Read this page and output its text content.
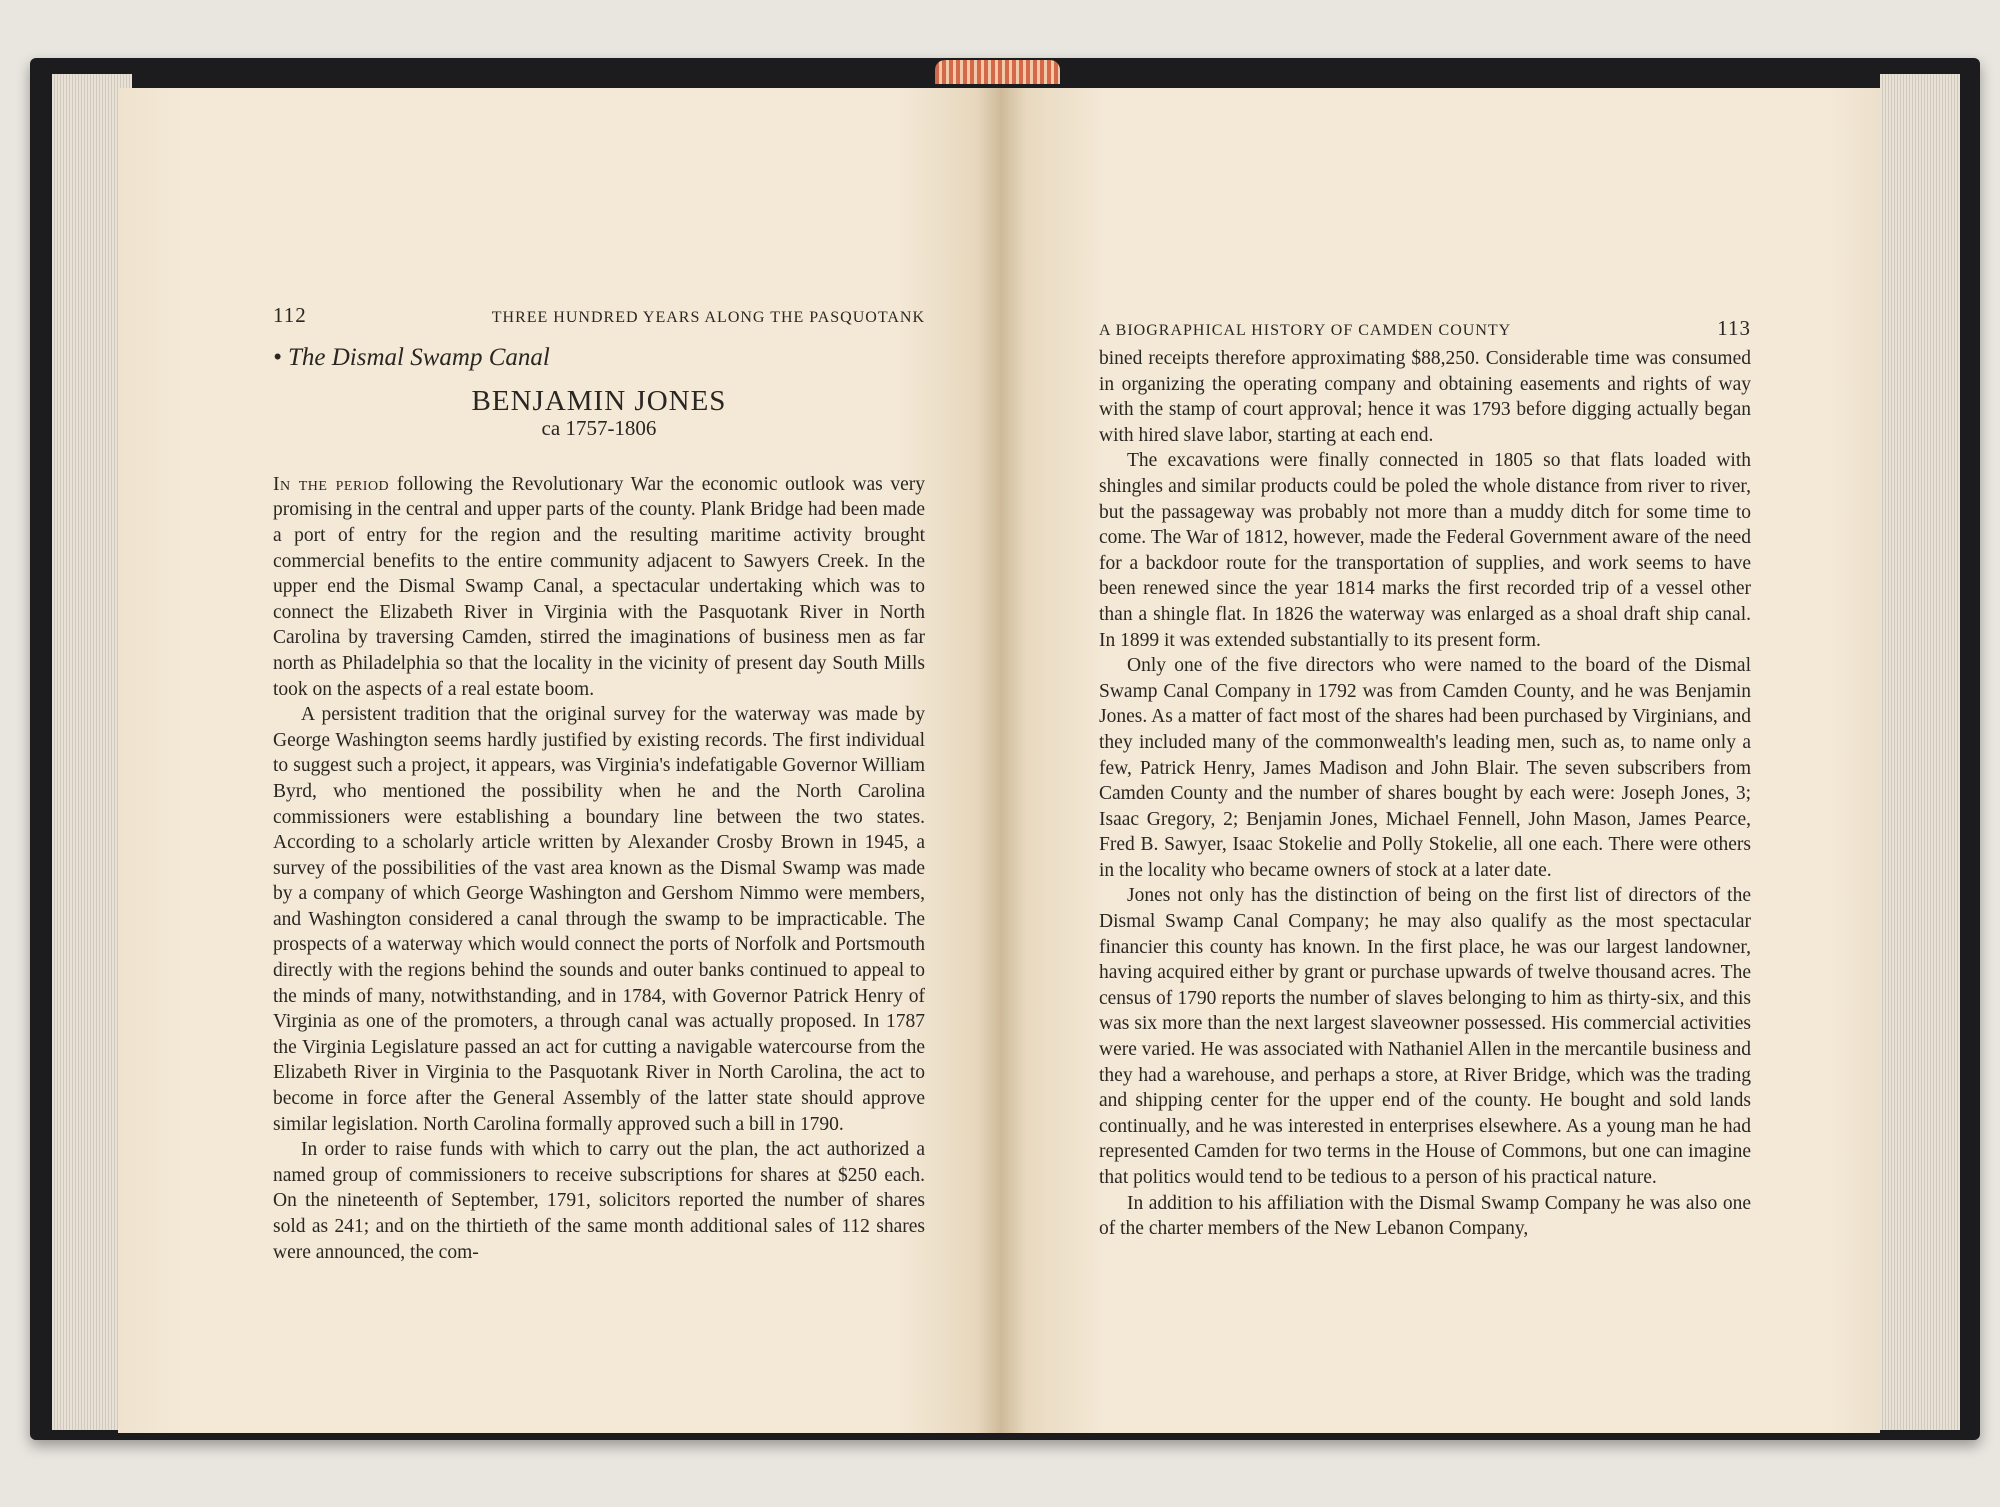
112	THREE HUNDRED YEARS ALONG THE PASQUOTANK
• The Dismal Swamp Canal
BENJAMIN JONES
ca 1757-1806

In the period following the Revolutionary War the economic outlook was very promising in the central and upper parts of the county. Plank Bridge had been made a port of entry for the region and the resulting maritime activity brought commercial benefits to the entire community adjacent to Sawyers Creek. In the upper end the Dismal Swamp Canal, a spectacular undertaking which was to connect the Elizabeth River in Virginia with the Pasquotank River in North Carolina by traversing Camden, stirred the imaginations of business men as far north as Philadelphia so that the locality in the vicinity of present day South Mills took on the aspects of a real estate boom.

A persistent tradition that the original survey for the waterway was made by George Washington seems hardly justified by existing records. The first individual to suggest such a project, it appears, was Virginia's indefatigable Governor William Byrd, who mentioned the possibility when he and the North Carolina commissioners were establishing a boundary line between the two states. According to a scholarly article written by Alexander Crosby Brown in 1945, a survey of the possibilities of the vast area known as the Dismal Swamp was made by a company of which George Washington and Gershom Nimmo were members, and Washington considered a canal through the swamp to be impracticable. The prospects of a waterway which would connect the ports of Norfolk and Portsmouth directly with the regions behind the sounds and outer banks continued to appeal to the minds of many, notwithstanding, and in 1784, with Governor Patrick Henry of Virginia as one of the promoters, a through canal was actually proposed. In 1787 the Virginia Legislature passed an act for cutting a navigable watercourse from the Elizabeth River in Virginia to the Pasquotank River in North Carolina, the act to become in force after the General Assembly of the latter state should approve similar legislation. North Carolina formally approved such a bill in 1790.

In order to raise funds with which to carry out the plan, the act authorized a named group of commissioners to receive subscriptions for shares at $250 each. On the nineteenth of September, 1791, solicitors reported the number of shares sold as 241; and on the thirtieth of the same month additional sales of 112 shares were announced, the com-

A BIOGRAPHICAL HISTORY OF CAMDEN COUNTY	113

bined receipts therefore approximating $88,250. Considerable time was consumed in organizing the operating company and obtaining easements and rights of way with the stamp of court approval; hence it was 1793 before digging actually began with hired slave labor, starting at each end.

The excavations were finally connected in 1805 so that flats loaded with shingles and similar products could be poled the whole distance from river to river, but the passageway was probably not more than a muddy ditch for some time to come. The War of 1812, however, made the Federal Government aware of the need for a backdoor route for the transportation of supplies, and work seems to have been renewed since the year 1814 marks the first recorded trip of a vessel other than a shingle flat. In 1826 the waterway was enlarged as a shoal draft ship canal. In 1899 it was extended substantially to its present form.

Only one of the five directors who were named to the board of the Dismal Swamp Canal Company in 1792 was from Camden County, and he was Benjamin Jones. As a matter of fact most of the shares had been purchased by Virginians, and they included many of the commonwealth's leading men, such as, to name only a few, Patrick Henry, James Madison and John Blair. The seven subscribers from Camden County and the number of shares bought by each were: Joseph Jones, 3; Isaac Gregory, 2; Benjamin Jones, Michael Fennell, John Mason, James Pearce, Fred B. Sawyer, Isaac Stokelie and Polly Stokelie, all one each. There were others in the locality who became owners of stock at a later date.

Jones not only has the distinction of being on the first list of directors of the Dismal Swamp Canal Company; he may also qualify as the most spectacular financier this county has known. In the first place, he was our largest landowner, having acquired either by grant or purchase upwards of twelve thousand acres. The census of 1790 reports the number of slaves belonging to him as thirty-six, and this was six more than the next largest slaveowner possessed. His commercial activities were varied. He was associated with Nathaniel Allen in the mercantile business and they had a warehouse, and perhaps a store, at River Bridge, which was the trading and shipping center for the upper end of the county. He bought and sold lands continually, and he was interested in enterprises elsewhere. As a young man he had represented Camden for two terms in the House of Commons, but one can imagine that politics would tend to be tedious to a person of his practical nature.

In addition to his affiliation with the Dismal Swamp Company he was also one of the charter members of the New Lebanon Company,
